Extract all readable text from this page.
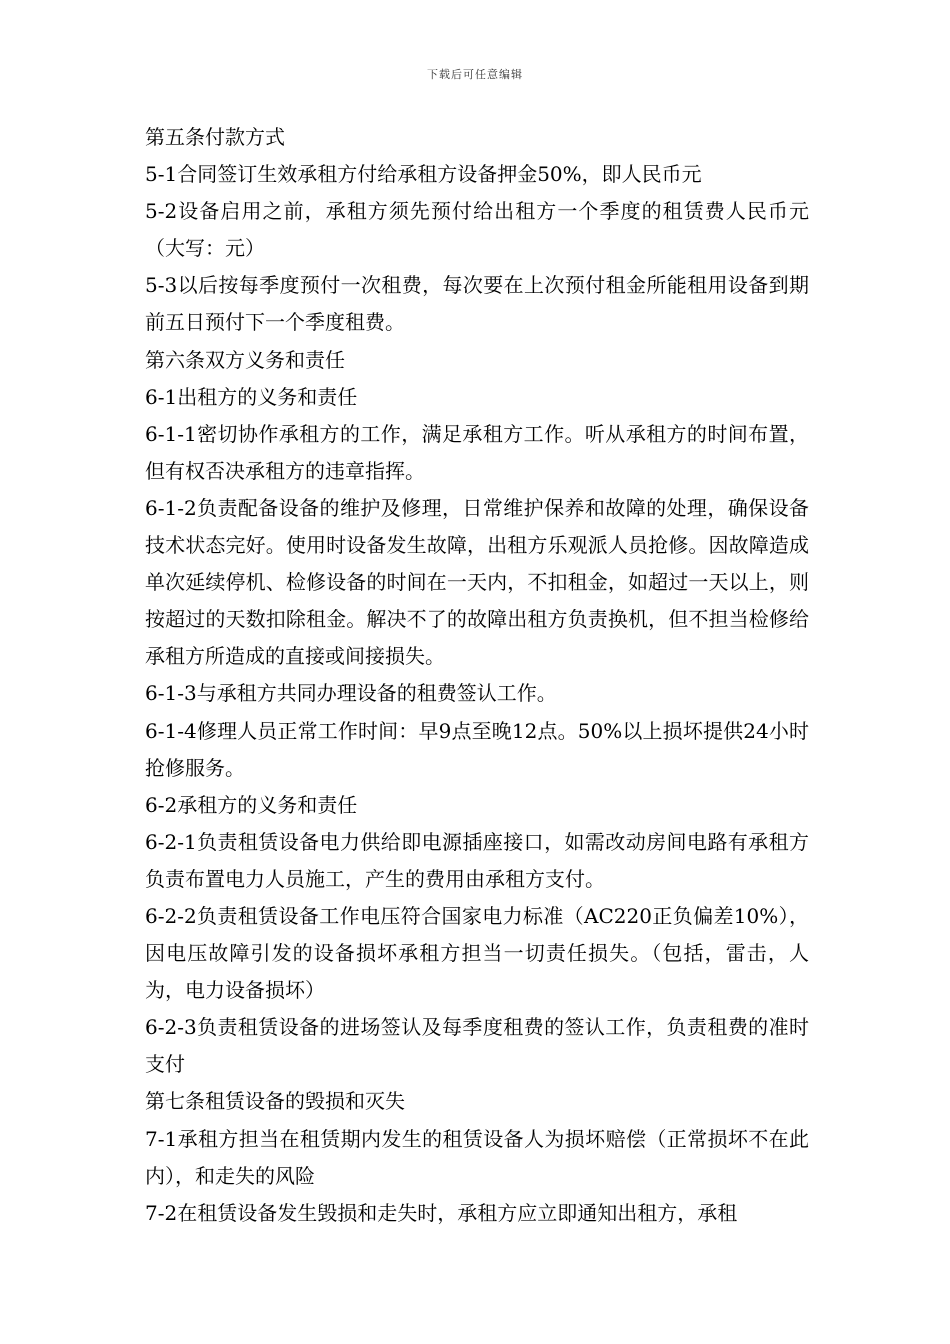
下载后可任意编辑

第五条付款方式

5-1合同签订生效承租方付给承租方设备押金50%，即人民币元

5-2设备启用之前，承租方须先预付给出租方一个季度的租赁费人民币元（大写：元）

5-3以后按每季度预付一次租费，每次要在上次预付租金所能租用设备到期前五日预付下一个季度租费。

第六条双方义务和责任

6-1出租方的义务和责任

6-1-1密切协作承租方的工作，满足承租方工作。听从承租方的时间布置，但有权否决承租方的违章指挥。

6-1-2负责配备设备的维护及修理，日常维护保养和故障的处理，确保设备技术状态完好。使用时设备发生故障，出租方乐观派人员抢修。因故障造成单次延续停机、检修设备的时间在一天内，不扣租金，如超过一天以上，则按超过的天数扣除租金。解决不了的故障出租方负责换机，但不担当检修给承租方所造成的直接或间接损失。

6-1-3与承租方共同办理设备的租费签认工作。

6-1-4修理人员正常工作时间：早9点至晚12点。50%以上损坏提供24小时抢修服务。

6-2承租方的义务和责任

6-2-1负责租赁设备电力供给即电源插座接口，如需改动房间电路有承租方负责布置电力人员施工，产生的费用由承租方支付。

6-2-2负责租赁设备工作电压符合国家电力标准（AC220正负偏差10%），因电压故障引发的设备损坏承租方担当一切责任损失。（包括，雷击，人为，电力设备损坏）

6-2-3负责租赁设备的进场签认及每季度租费的签认工作，负责租费的准时支付

第七条租赁设备的毁损和灭失

7-1承租方担当在租赁期内发生的租赁设备人为损坏赔偿（正常损坏不在此内），和走失的风险

7-2在租赁设备发生毁损和走失时，承租方应立即通知出租方，承租
